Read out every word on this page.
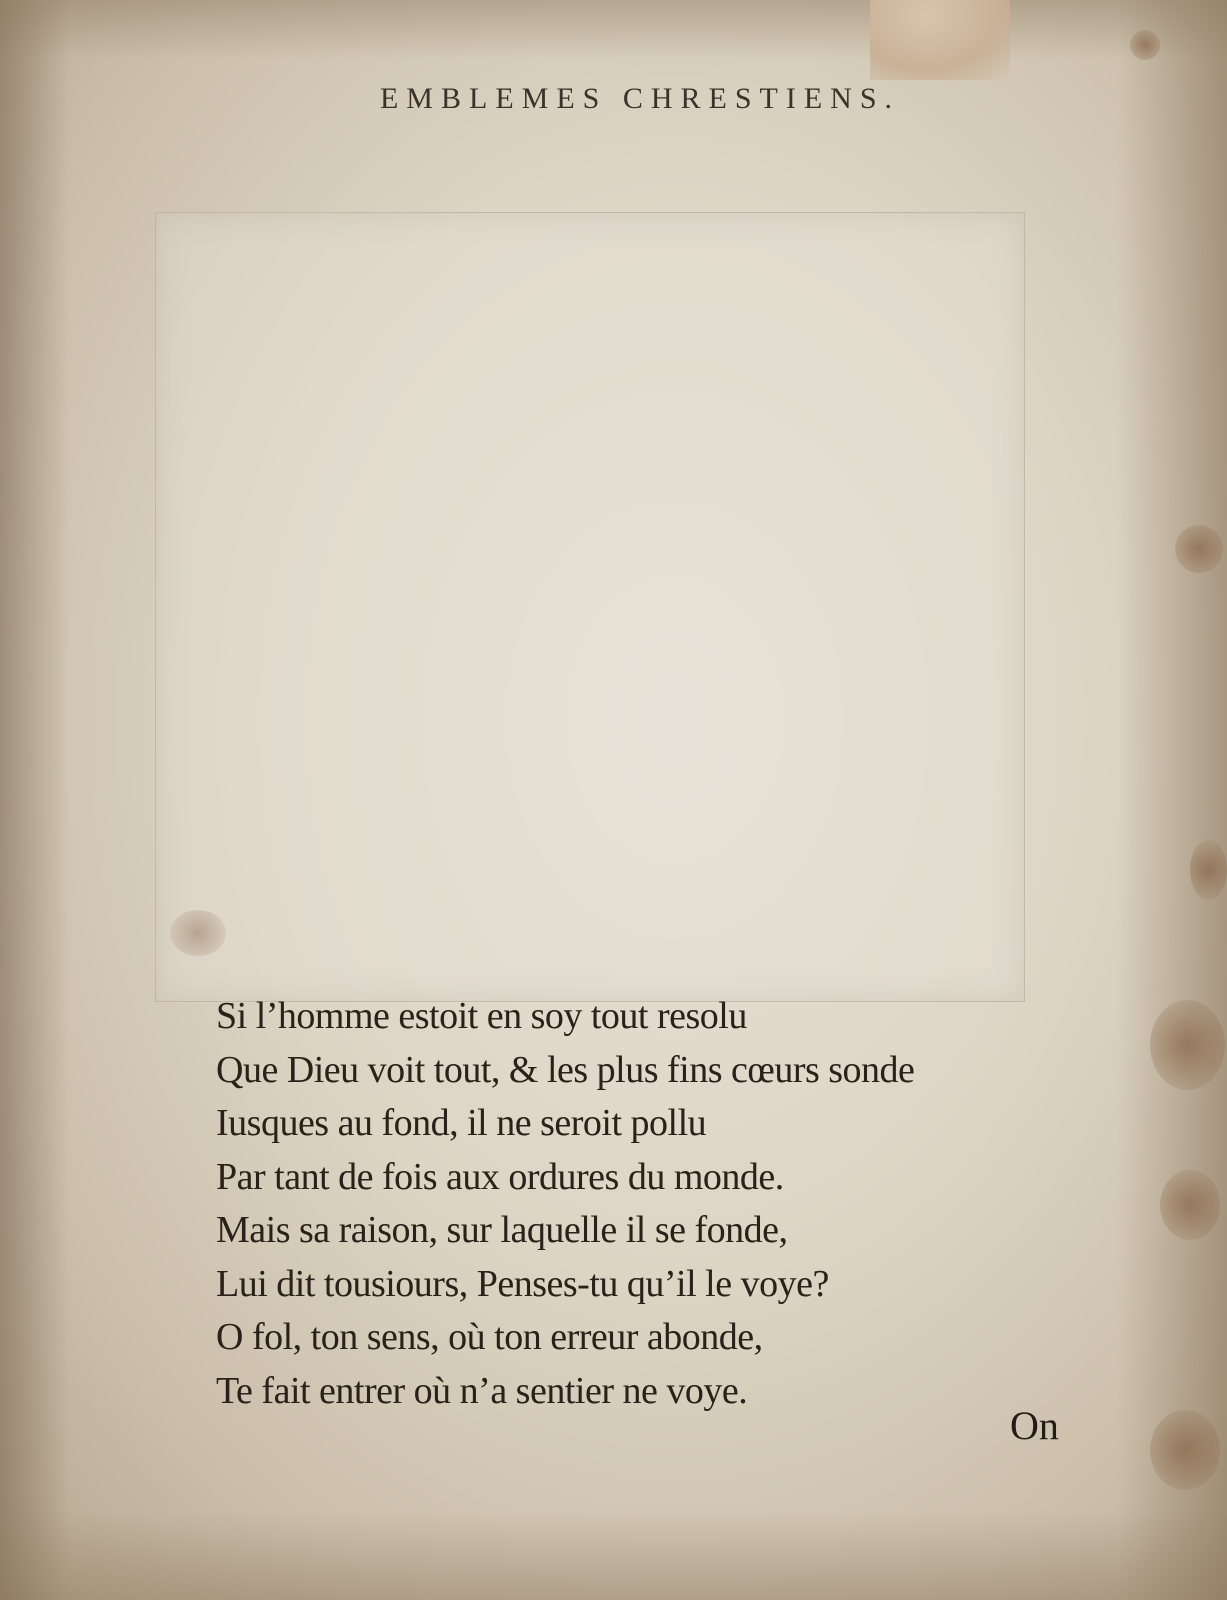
EMBLEMES CHRESTIENS.
Si l’homme estoit en soy tout resolu
Que Dieu voit tout, & les plus fins cœurs sonde
Iusques au fond, il ne seroit pollu
Par tant de fois aux ordures du monde.
Mais sa raison, sur laquelle il se fonde,
Lui dit tousiours, Penses-tu qu’il le voye?
O fol, ton sens, où ton erreur abonde,
Te fait entrer où n’a sentier ne voye.
On
